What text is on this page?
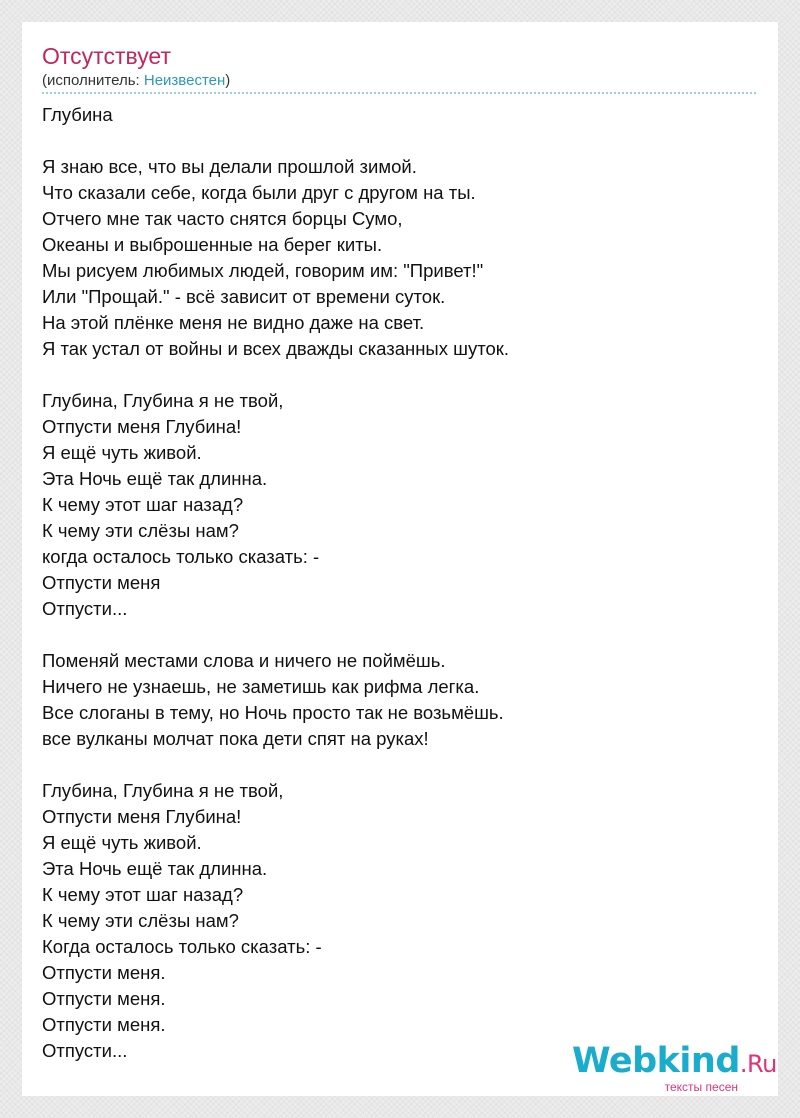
Отсутствует
(исполнитель: Неизвестен)
Глубина
Я знаю все, что вы делали прошлой зимой.
Что сказали себе, когда были друг с другом на ты.
Отчего мне так часто снятся борцы Сумо,
Океаны и выброшенные на берег киты.
Мы рисуем любимых людей, говорим им: "Привет!"
Или "Прощай." - всё зависит от времени суток.
На этой плёнке меня не видно даже на свет.
Я так устал от войны и всех дважды сказанных шуток.
Глубина, Глубина я не твой,
Отпусти меня Глубина!
Я ещё чуть живой.
Эта Ночь ещё так длинна.
К чему этот шаг назад?
К чему эти слёзы нам?
когда осталось только сказать: -
Отпусти меня
Отпусти...
Поменяй местами слова и ничего не поймёшь.
Ничего не узнаешь, не заметишь как рифма легка.
Все слоганы в тему, но Ночь просто так не возьмёшь.
все вулканы молчат пока дети спят на руках!
Глубина, Глубина я не твой,
Отпусти меня Глубина!
Я ещё чуть живой.
Эта Ночь ещё так длинна.
К чему этот шаг назад?
К чему эти слёзы нам?
Когда осталось только сказать: -
Отпусти меня.
Отпусти меня.
Отпусти меня.
Отпусти...	Webkind.Ru
тексты песен
